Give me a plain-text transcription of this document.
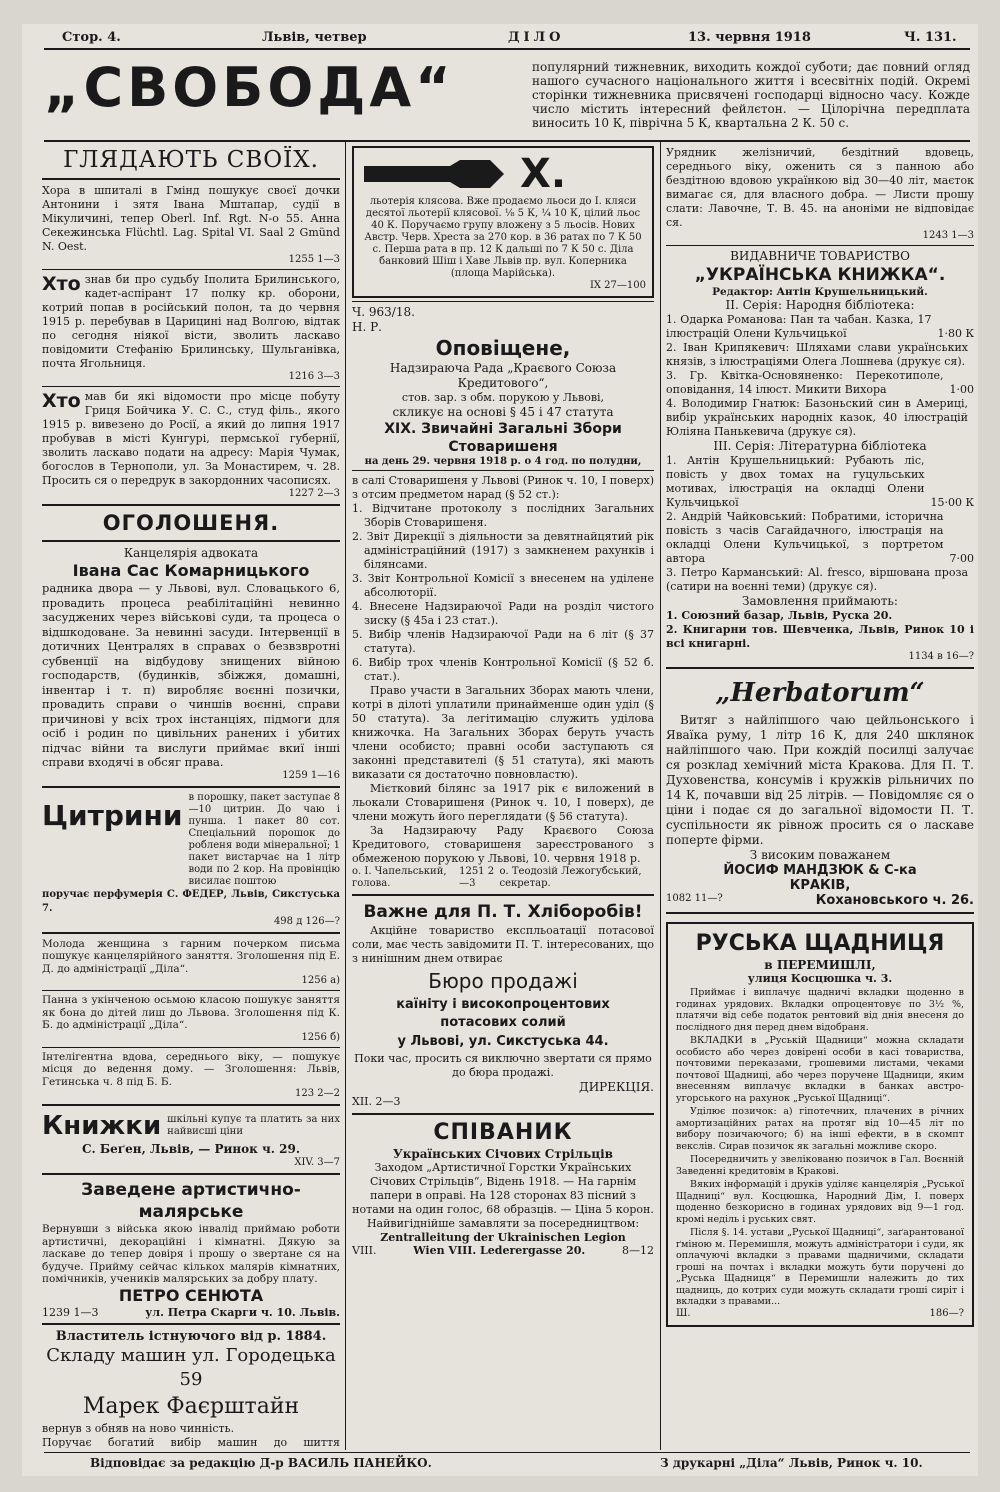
Стор. 4.	Львів, четвер	ДІЛО	13. червня 1918	Ч. 131.
„СВОБОДА“	популярний тижневник, виходить кождої суботи; дає повний огляд нашого сучасного національного життя і всесвітніх подій. Окремі сторінки тижневника присвячені господарці відносно часу. Кожде число містить інтересний фейлєтон. — Цілорічна передплата виносить 10 К, піврічна 5 К, квартальна 2 К. 50 с.
ГЛЯДАЮТЬ СВОЇХ.
Хора в шпиталі в Гмінд пошукує своєї дочки Антонини і зятя Івана Мштапар, судії в Мікуличині, тепер Oberl. Inf. Rgt. N-o 55. Анна Секежинська Flüchtl. Lag. Spital VI. Saal 2 Gmünd N. Oest.
1255 1—3
Хто знав би про судьбу Іполита Брилинського, кадет-аспірант 17 полку кр. оборони, котрий попав в російський полон, та до червня 1915 р. перебував в Царицині над Волгою, відтак по сегодня ніякої вісти, зволить ласкаво повідомити Стефанію Брилинську, Шульганівка, почта Ягольниця.
1216 3—3
Хто мав би які відомости про місце побуту Гриця Бойчика У. С. С., студ філь., якого 1915 р. вивезено до Росії, а який до липня 1917 пробував в місті Кунгурі, пермської губернії, зволить ласкаво подати на адресу: Марія Чумак, богослов в Тернополи, ул. За Монастирем, ч. 28. Просить ся о передрук в закордонних часописях.
1227 2—3
ОГОЛОШЕНЯ.
Канцелярія адвоката
Івана Сас Комарницького
радника двора — у Львові, вул. Словацького 6, провадить процеса реабілітаційні невинно засуджених через військові суди, та процеса о відшкодоване. За невинні засуди. Інтервенції в дотичних Централях в справах о безвзвротні субвенції на відбудову знищених війною господарств, (будинків, збіжжя, домашні, інвентар і т. п) виробляє воєнні позички, провадить справи о чиншів воєнні, справи причинові у всіх трох інстанціях, підмоги для осіб і родин по цивільних ранених і убитих підчас війни та вислуги приймає вкиї інші справи входячі в обсяг права.
1259 1—16
Цитрини
в порошку, пакет заступає 8—10 цитрин. До чаю і пунша. 1 пакет 80 сот. Спеціальний порошок до робленя води мінеральної; 1 пакет вистарчає на 1 літр води по 2 кор. На провінцію висилає поштою
поручає перфумерія С. ФЕДЕР, Львів, Сикстуська 7.
498 д 126—?
Молода женщина з гарним почерком письма пошукує канцелярійного заняття. Зголошення під Е. Д. до адміністрації „Діла“.
1256 а)
Панна з укінченою осьмою класою пошукує заняття як бона до дітей лиш до Львова. Зголошення під К. Б. до адміністрації „Діла“.
1256 б)
Інтелігентна вдова, середнього віку, — пошукує місця до ведення дому. — Зголошення: Львів, Гетинська ч. 8 під Б. Б.
123 2—2
Книжки шкільні купує та платить за них найвисші ціни
С. Беґен, Львів, — Ринок ч. 29.
XIV. 3—7
Заведене артистично-малярське
Вернувши з війська якою інвалід приймаю роботи артистичні, декораційні і кімнатні. Дякую за ласкаве до тепер довіря і прошу о звертане ся на будуче. Прийму сейчас кількох малярів кімнатних, помічників, учеників малярських за добру плату.
ПЕТРО СЕНЮТА
1239 1—3	ул. Петра Скарги ч. 10. Львів.
Властитель істнуючого від р. 1884.
Складу машин ул. Городецька 59
Марек Фаєрштайн
вернув з обняв на ново чинність.
Поручає богатий вибір машин до шиття
X.
льотерія клясова. Вже продаємо льоси до І. кляси десятої льотерії клясової. ¹⁄₈ 5 К, ¹⁄₄ 10 К, цілий льос 40 К. Поручаємо групу вложену з 5 льосів. Нових Австр. Черв. Хреста за 270 кор. в 36 ратах по 7 К 50 с. Перша рата в пр. 12 К дальші по 7 К 50 с. Діла банковий Шіш і Хаве Львів пр. вул. Коперника (площа Марійська).
IX 27—100
Ч. 963/18.
Н. Р.
Оповіщене,
Надзираюча Рада „Краєвого Союза Кредитового“,
стов. зар. з обм. порукою у Львові,
скликує на основі § 45 і 47 статута
XIX. Звичайні Загальні Збори Стоваришеня
на день 29. червня 1918 р. о 4 год. по полудни,
в салі Стоваришеня у Львові (Ринок ч. 10, І поверх) з отсим предметом нарад (§ 52 ст.):
1. Відчитане протоколу з послідних Загальних Зборів Стоваришеня.
2. Звіт Дирекції з діяльности за девятнайцятий рік адміністраційний (1917) з замкненем рахунків і білянсами.
3. Звіт Контрольної Комісії з внесенем на уділене абсолюторії.
4. Внесене Надзираючої Ради на розділ чистого зиску (§ 45а і 23 стат.).
5. Вибір членів Надзираючої Ради на 6 літ (§ 37 статута).
6. Вибір трох членів Контрольної Комісії (§ 52 б. стат.).
Право участи в Загальних Зборах мають члени, котрі в ділоті уплатили принайменше один уділ (§ 50 статута). За легітимацію служить уділова книжочка. На Загальних Зборах беруть участь члени особисто; правні особи заступають ся законні представителі (§ 51 статута), які мають виказати ся достаточно повновластю).
Мієтковий білянс за 1917 рік є виложений в льокали Стоваришеня (Ринок ч. 10, І поверх), де члени можуть його переглядати (§ 56 статута).
За Надзираючу Раду Краєвого Союза Кредитового, стоваришеня зареєстрованого з обмеженою порукою у Львові, 10. червня 1918 р.
о. І. Чапельський, голова.
1251 2—3
о. Теодозій Лежогубський, секретар.
Важне для П. Т. Хліборобів!
Акційне товариство експльоатації потасової соли, має честь завідомити П. Т. інтересованих, що з нинішним днем отвирає
Бюро продажі
каїніту і високопроцентових
потасових солий
у Львові, ул. Сикстуська 44.
Поки час, просить ся виключно звертати ся прямо до бюра продажі.
ДИРЕКЦІЯ.
XII. 2—3
СПІВАНИК
Українських Січових Стрільців
Заходом „Артистичної Горстки Українських Січових Стрільців“, Відень 1918. — На гарнім папери в оправі. На 128 сторонах 83 пісний з нотами на один голос, 68 образців. — Ціна 5 корон.
Найвигіднійше замавляти за посередництвом:
Zentralleitung der Ukrainischen Legion
VIII.	Wien VIII. Lederergasse 20.	8—12
Урядник желізничий, бездітний вдовець, середнього віку, оженить ся з панною або бездітною вдовою українкою від 30—40 літ, маєток вимагає ся, для власного добра. — Листи прошу слати: Лавочне, Т. В. 45. на аноніми не відповідає ся.
1243 1—3
ВИДАВНИЧЕ ТОВАРИСТВО
„УКРАЇНСЬКА КНИЖКА“.
Редактор: Антін Крушельницький.
ІІ. Серія: Народня бібліотека:
1. Одарка Романова: Пан та чабан. Казка, 17 ілюстрацій Олени Кульчицької	1·80 К
2. Іван Крипякевич: Шляхами слави українських князів, з ілюстраціями Олега Лошнева (друкує ся).
3. Гр. Квітка-Основяненко: Перекотиполе, оповідання, 14 ілюст. Микити Вихора	1·00
4. Володимир Гнатюк: Базоньский син в Америці, вибір українських народніх казок, 40 ілюстрацій Юліяна Панькевича (друкує ся).
ІІІ. Серія: Літературна бібліотека
1. Антін Крушельницький: Рубають ліс, повість у двох томах на гуцульських мотивах, ілюстрація на окладці Олени Кульчицької	15·00 К
2. Андрій Чайковський: Побратими, історична повість з часів Сагайдачного, ілюстрація на окладці Олени Кульчицької, з портретом автора	7·00
3. Петро Карманський: Al. fresco, віршована проза (сатири на воєнні теми) (друкує ся).
Замовлення приймають:
1. Союзний базар, Львів, Руска 20.
2. Книгарни тов. Шевченка, Львів, Ринок 10 і всі книгарні.
1134 в 16—?
„Herbatorum“
Витяг з найліпшого чаю цейльонського і Яваїка руму, 1 літр 16 К, для 240 шклянок найліпшого чаю. При кождій посилці залучає ся розклад хемічний міста Кракова. Для П. Т. Духовенства, консумів і кружків рільничих по 14 К, почавши від 25 літрів. — Повідомляє ся о ціни і подає ся до загальної відомости П. Т. суспільности як рівнож просить ся о ласкаве поперте фірми.
З високим поважанем
ЙОСИФ МАНДЗЮК & С-ка
КРАКІВ,
1082 11—?	Кохановського ч. 26.
РУСЬКА ЩАДНИЦЯ
в ПЕРЕМИШЛІ,
улиця Косцюшка ч. 3.
Приймає і виплачує щадничі вкладки щоденно в годинах урядових. Вкладки опроцентовує по 3½ %, платячи від себе податок рентовий від днія внесеня до послідного дня перед днем відобраня.
ВКЛАДКИ в „Руській Щадници“ можна складати особисто або через довірені особи в касі товариства, почтовими переказами, грошевими листами, чеками почтової Щадниці, або через поручене Щадници, яким внесенням виплачує вкладки в банках австро-угорського на рахунок „Руської Щадниці“.
Уділює позичок: а) гіпотечних, плачених в річних амортизаційних ратах на протяг від 10—45 літ по вибору позичаючого; б) на інші ефекти, в в скомпт векслів. Сирав позичок як загальні можливе скоро.
Посередничить у звелікованю позичок в Гал. Воєнній Заведенні кредитовім в Кракові.
Вяких інформацій і друків уділяє канцелярія „Руської Щадниці“ вул. Косцюшка, Народний Дім, І. поверх щоденно безкорисно в годинах урядових від 9—1 год. кромі неділь і руських свят.
Після §. 14. устави „Руської Щадниці“, заґарантованої ґміною м. Перемишля, можуть адміністратори і суди, як оплачуючі вкладки з правами щадничими, складати гроші на почтах і вкладки можуть бути поручені до „Руська Щадниця“ в Перемишли належить до тих щадниць, до котрих суди можуть складати гроші сиріт і вкладки з правами...
Ш.	186—?
Відповідає за редакцію Д-р ВАСИЛЬ ПАНЕЙКО.	З друкарні „Діла“ Львів, Ринок ч. 10.
